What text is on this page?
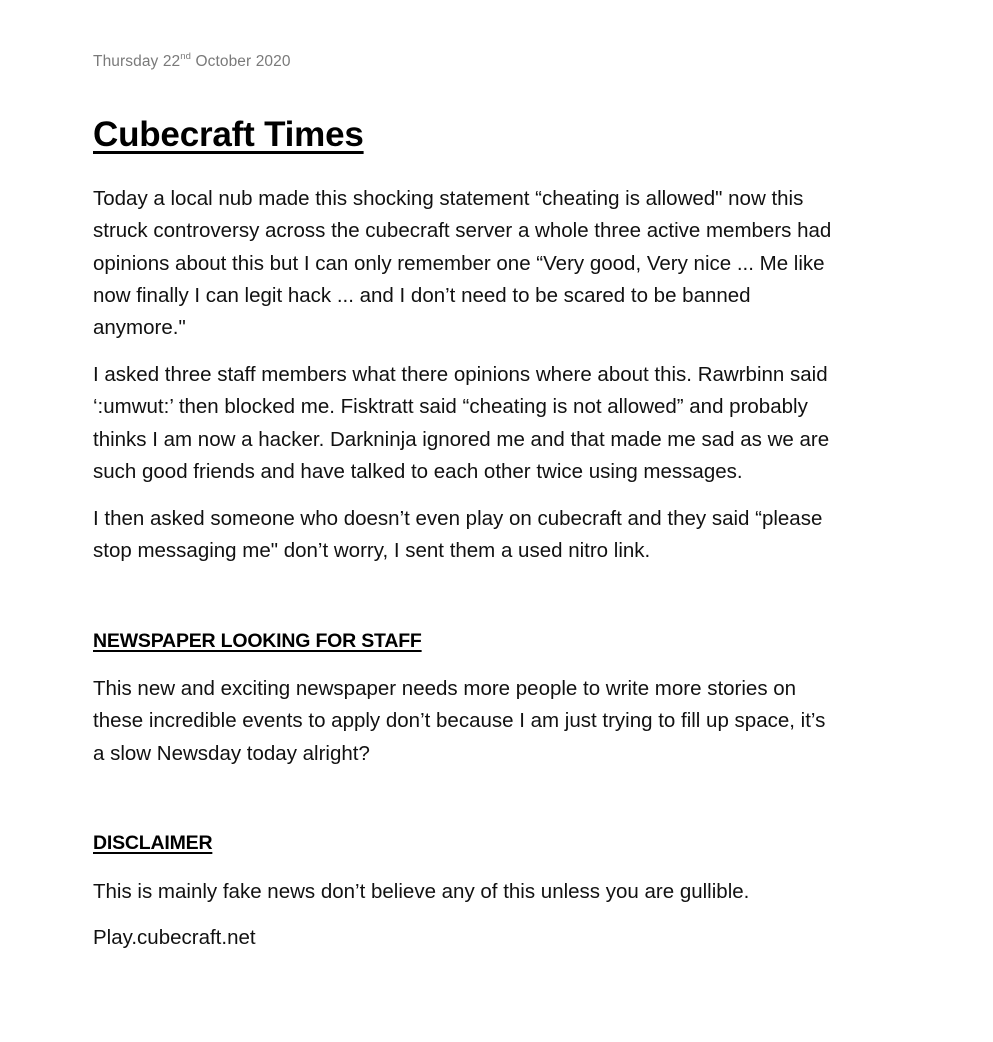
Thursday 22nd October 2020
Cubecraft Times

Today a local nub made this shocking statement “cheating is allowed" now this
struck controversy across the cubecraft server a whole three active members had
opinions about this but I can only remember one “Very good, Very nice ... Me like
now finally I can legit hack ... and I don’t need to be scared to be banned
anymore."

I asked three staff members what there opinions where about this. Rawrbinn said
‘:umwut:’ then blocked me. Fisktratt said “cheating is not allowed” and probably
thinks I am now a hacker. Darkninja ignored me and that made me sad as we are
such good friends and have talked to each other twice using messages.

I then asked someone who doesn’t even play on cubecraft and they said “please
stop messaging me" don’t worry, I sent them a used nitro link.

NEWSPAPER LOOKING FOR STAFF

This new and exciting newspaper needs more people to write more stories on
these incredible events to apply don’t because I am just trying to fill up space, it’s
a slow Newsday today alright?

DISCLAIMER

This is mainly fake news don’t believe any of this unless you are gullible.

Play.cubecraft.net
